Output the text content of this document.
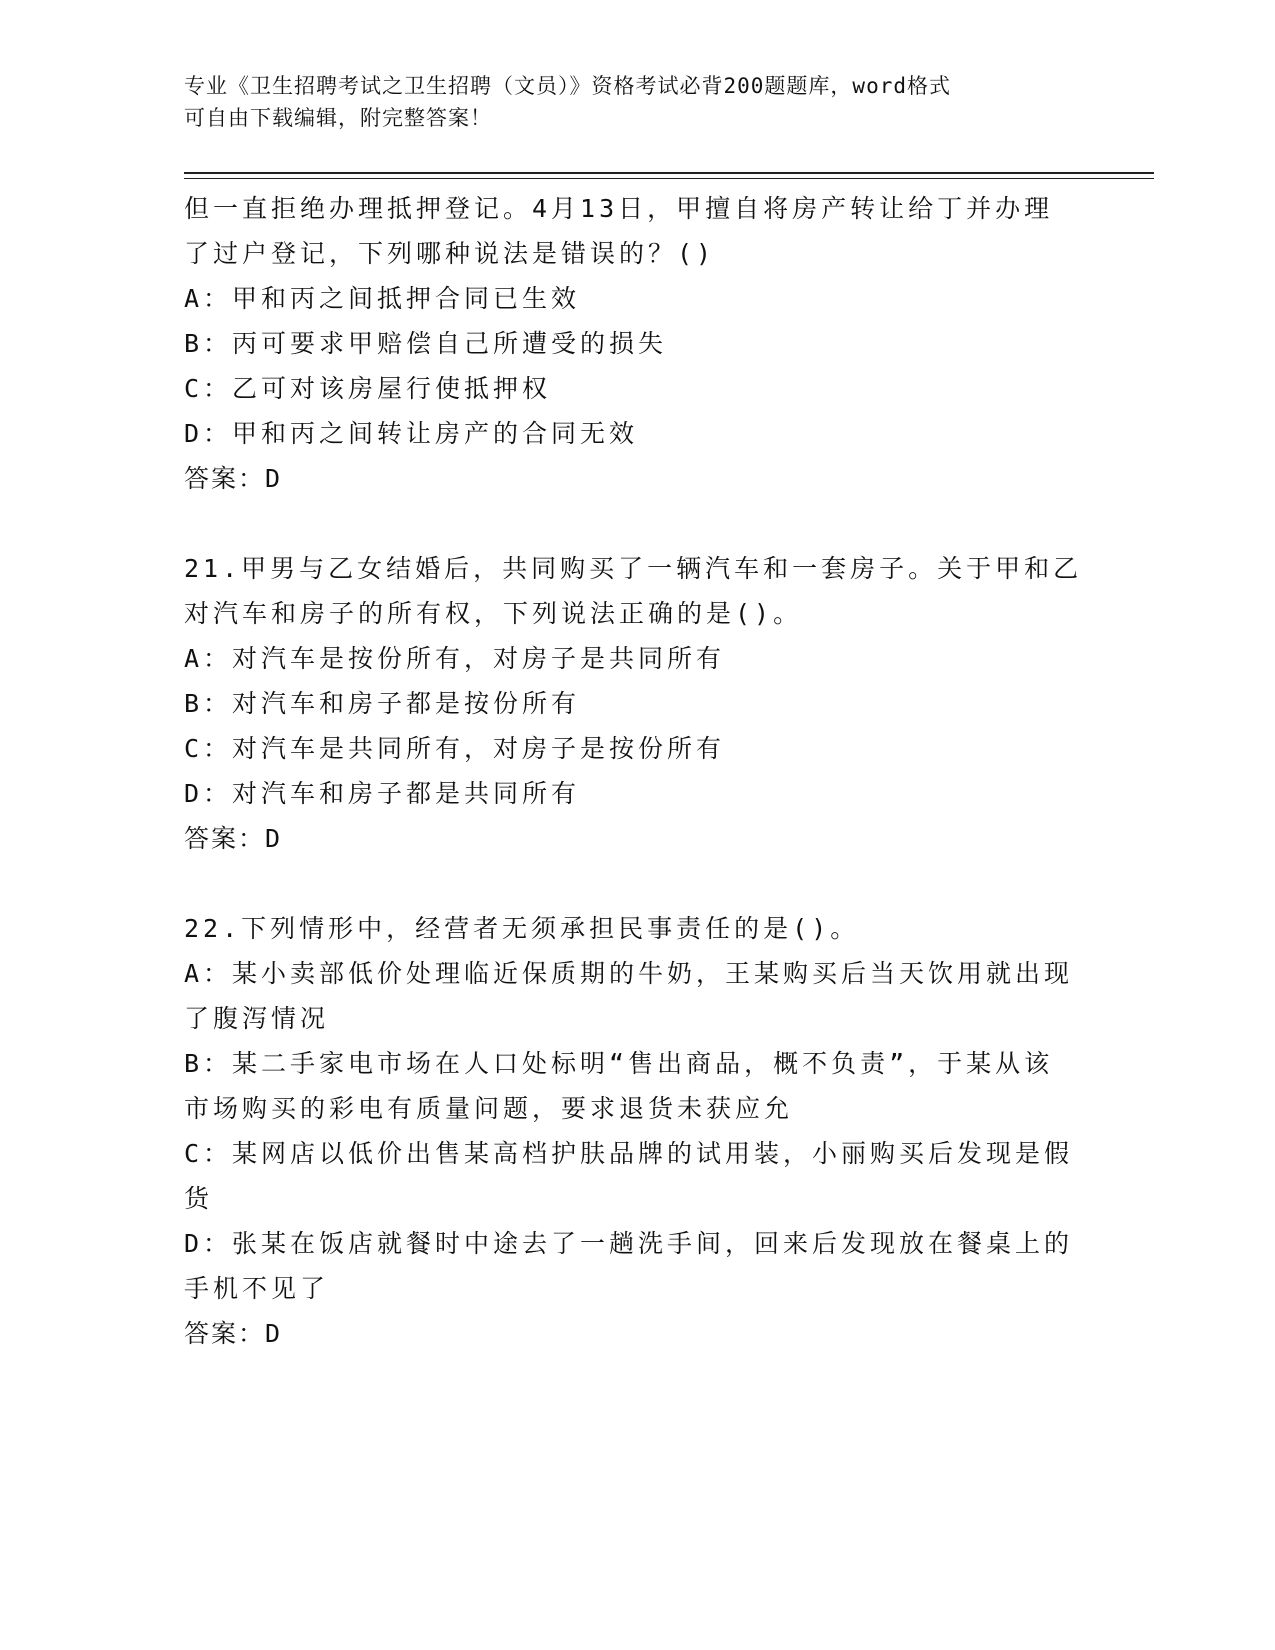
专业《卫生招聘考试之卫生招聘（文员）》资格考试必背200题题库，word格式
可自由下载编辑，附完整答案！
但一直拒绝办理抵押登记。4月13日，甲擅自将房产转让给丁并办理
了过户登记，下列哪种说法是错误的？()
A：甲和丙之间抵押合同已生效
B：丙可要求甲赔偿自己所遭受的损失
C：乙可对该房屋行使抵押权
D：甲和丙之间转让房产的合同无效
答案：D
21.甲男与乙女结婚后，共同购买了一辆汽车和一套房子。关于甲和乙
对汽车和房子的所有权，下列说法正确的是()。
A：对汽车是按份所有，对房子是共同所有
B：对汽车和房子都是按份所有
C：对汽车是共同所有，对房子是按份所有
D：对汽车和房子都是共同所有
答案：D
22.下列情形中，经营者无须承担民事责任的是()。
A：某小卖部低价处理临近保质期的牛奶，王某购买后当天饮用就出现
了腹泻情况
B：某二手家电市场在人口处标明“售出商品，概不负责”，于某从该
市场购买的彩电有质量问题，要求退货未获应允
C：某网店以低价出售某高档护肤品牌的试用装，小丽购买后发现是假
货
D：张某在饭店就餐时中途去了一趟洗手间，回来后发现放在餐桌上的
手机不见了
答案：D
